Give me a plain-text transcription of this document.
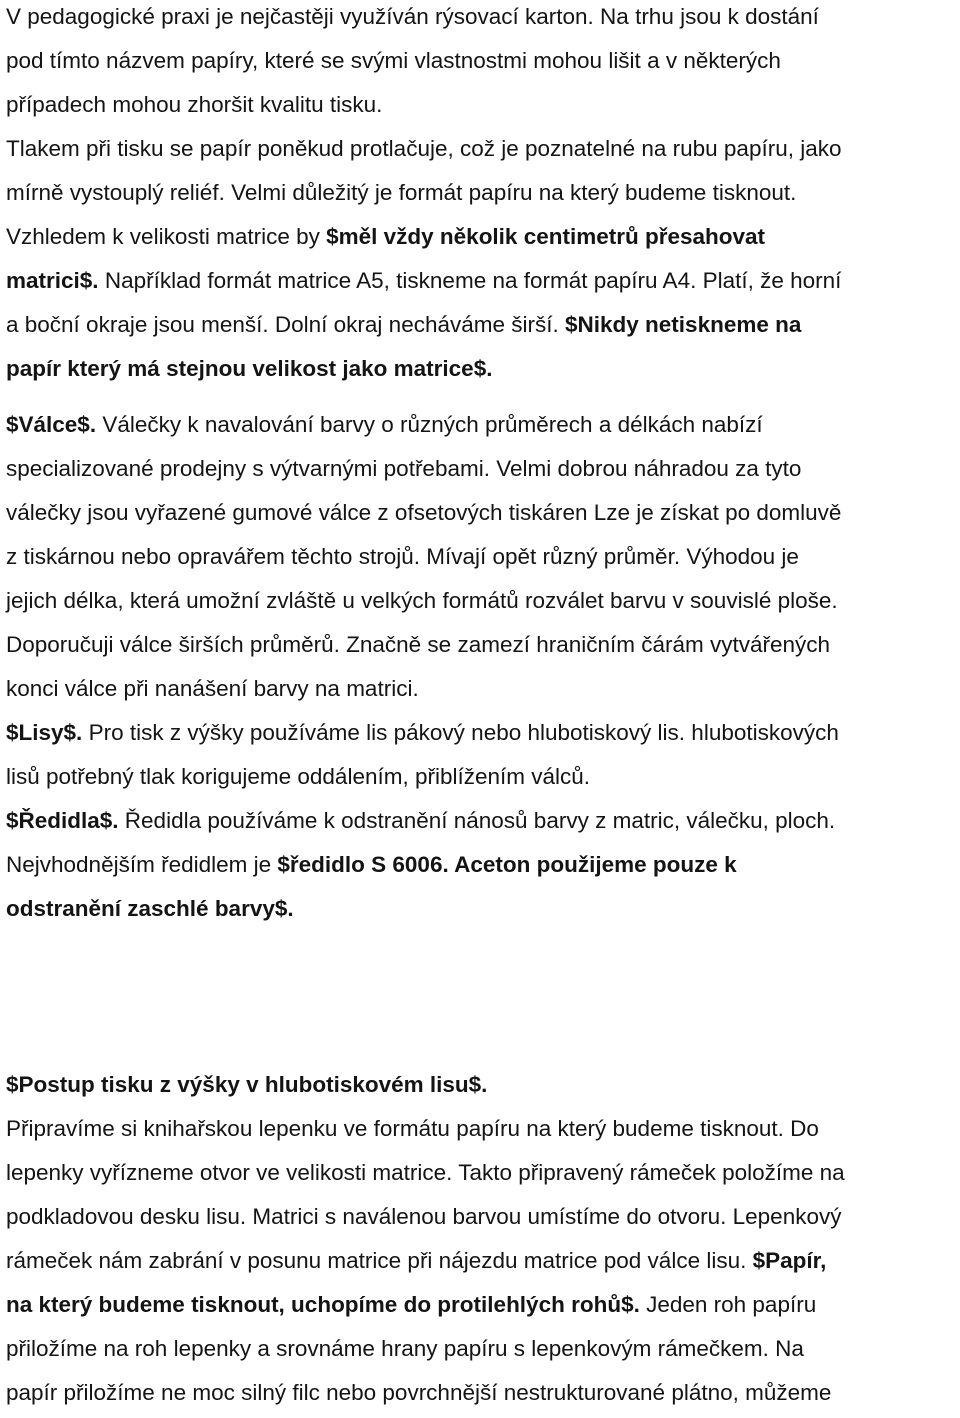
V pedagogické praxi je nejčastěji využíván rýsovací karton. Na trhu jsou k dostání
pod tímto názvem papíry, které se svými vlastnostmi mohou lišit a v některých
případech mohou zhoršit kvalitu tisku.
Tlakem při tisku se papír poněkud protlačuje, což je poznatelné na rubu papíru, jako
mírně vystouplý reliéf. Velmi důležitý je formát papíru na který budeme tisknout.
Vzhledem k velikosti matrice by $měl vždy několik centimetrů přesahovat
matrici$. Například formát matrice A5, tiskneme na formát papíru A4. Platí, že horní
a boční okraje jsou menší. Dolní okraj necháváme širší. $Nikdy netiskneme na
papír který má stejnou velikost jako matrice$.
$Válce$. Válečky k navalování barvy o různých průměrech a délkách nabízí
specializované prodejny s výtvarnými potřebami. Velmi dobrou náhradou za tyto
válečky jsou vyřazené gumové válce z ofsetových tiskáren Lze je získat po domluvě
z tiskárnou nebo opravářem těchto strojů. Mívají opět různý průměr. Výhodou je
jejich délka, která umožní zvláště u velkých formátů rozválet barvu v souvislé ploše.
Doporučuji válce širších průměrů. Značně se zamezí hraničním čárám vytvářených
konci válce při nanášení barvy na matrici.
$Lisy$. Pro tisk z výšky používáme lis pákový nebo hlubotiskový lis. hlubotiskových
lisů potřebný tlak korigujeme oddálením, přiblížením válců.
$Ředidla$. Ředidla používáme k odstranění nánosů barvy z matric, válečku, ploch.
Nejvhodnějším ředidlem je $ředidlo S 6006. Aceton použijeme pouze k
odstranění zaschlé barvy$.
$Postup tisku z výšky v hlubotiskovém lisu$.
Připravíme si knihařskou lepenku ve formátu papíru na který budeme tisknout. Do
lepenky vyřízneme otvor ve velikosti matrice. Takto připravený rámeček položíme na
podkladovou desku lisu. Matrici s naválenou barvou umístíme do otvoru. Lepenkový
rámeček nám zabrání v posunu matrice při nájezdu matrice pod válce lisu. $Papír,
na který budeme tisknout, uchopíme do protilehlých rohů$. Jeden roh papíru
přiložíme na roh lepenky a srovnáme hrany papíru s lepenkovým rámečkem. Na
papír přiložíme ne moc silný filc nebo povrchnější nestrukturované plátno, můžeme
